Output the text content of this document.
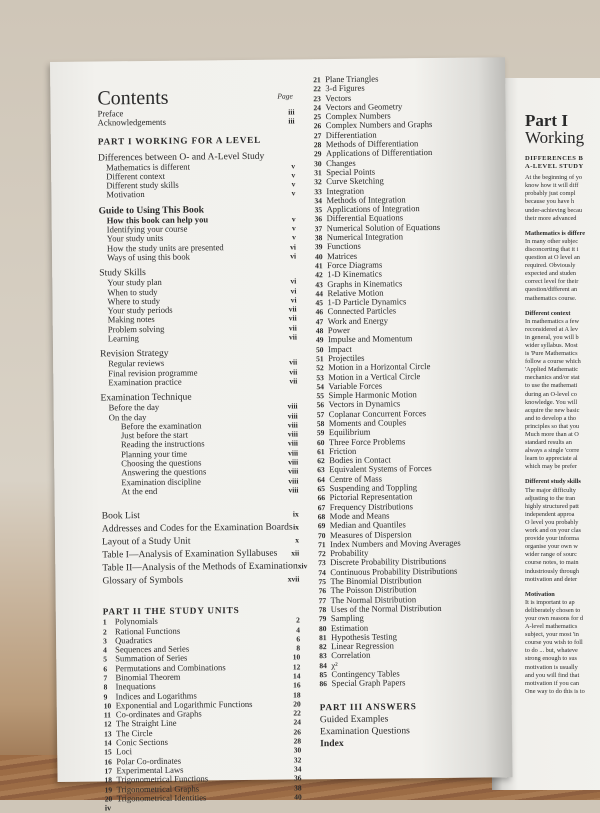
Part I
Working
DIFFERENCES B
A-LEVEL STUDY
At the beginning of yo
know how it will diff
probably just compl
because you have h
under-achieving becau
their more advanced
Mathematics is differe
In many other subjec
disconcerting that it i
question at O level an
required. Obviously
expected and studen
correct level for their
question/different an
mathematics course.
Different context
In mathematics a few
reconsidered at A lev
in general, you will b
wider syllabus. Most
is 'Pure Mathematics
follow a course which
'Applied Mathematic
mechanics and/or stat
to use the mathemati
during an O-level co
knowledge. You will
acquire the new basic
and to develop a tho
principles so that you
Much more than at O
standard results an
always a single 'corre
learn to appreciate al
which may be prefer
Different study skills
The major difficulty
adjusting to the tran
highly structured patt
independent approa
O level you probably
work and on your clas
provide your informa
organise your own w
wider range of sourc
course notes, to main
industriously through
motivation and deter
Motivation
It is important to ap
deliberately chosen to
your own reasons for d
A-level mathematics
subject, your most 'in
course you wish to foll
to do ... but, whateve
strong enough to sus
motivation is usually
and you will find that
motivation if you can
One way to do this is to
Contents	Page
Preface	iii
Acknowledgements	iii
PART I WORKING FOR A LEVEL
Differences between O- and A-Level Study
Mathematics is different	v
Different context	v
Different study skills	v
Motivation	v
Guide to Using This Book
How this book can help you	v
Identifying your course	v
Your study units	v
How the study units are presented	vi
Ways of using this book	vi
Study Skills
Your study plan	vi
When to study	vi
Where to study	vi
Your study periods	vii
Making notes	vii
Problem solving	vii
Learning	vii
Revision Strategy
Regular reviews	vii
Final revision programme	vii
Examination practice	vii
Examination Technique
Before the day	viii
On the day	viii
Before the examination	viii
Just before the start	viii
Reading the instructions	viii
Planning your time	viii
Choosing the questions	viii
Answering the questions	viii
Examination discipline	viii
At the end	viii
Book List	ix
Addresses and Codes for the Examination Boards ix
Layout of a Study Unit	x
Table I—Analysis of Examination Syllabuses xii
Table II—Analysis of the Methods of Examination xiv
Glossary of Symbols	xvii
PART II THE STUDY UNITS
1 Polynomials	2
2 Rational Functions	4
3 Quadratics	6
4 Sequences and Series	8
5 Summation of Series	10
6 Permutations and Combinations	12
7 Binomial Theorem	14
8 Inequations	16
9 Indices and Logarithms	18
10 Exponential and Logarithmic Functions	20
11 Co-ordinates and Graphs	22
12 The Straight Line	24
13 The Circle	26
14 Conic Sections	28
15 Loci	30
16 Polar Co-ordinates	32
17 Experimental Laws	34
18 Trigonometrical Functions	36
19 Trigonometrical Graphs	38
20 Trigonometrical Identities	40
iv
21 Plane Triangles
22 3-d Figures
23 Vectors
24 Vectors and Geometry
25 Complex Numbers
26 Complex Numbers and Graphs
27 Differentiation
28 Methods of Differentiation
29 Applications of Differentiation
30 Changes
31 Special Points
32 Curve Sketching
33 Integration
34 Methods of Integration
35 Applications of Integration
36 Differential Equations
37 Numerical Solution of Equations
38 Numerical Integration
39 Functions
40 Matrices
41 Force Diagrams
42 1-D Kinematics
43 Graphs in Kinematics
44 Relative Motion
45 1-D Particle Dynamics
46 Connected Particles
47 Work and Energy
48 Power
49 Impulse and Momentum
50 Impact
51 Projectiles
52 Motion in a Horizontal Circle
53 Motion in a Vertical Circle
54 Variable Forces
55 Simple Harmonic Motion
56 Vectors in Dynamics
57 Coplanar Concurrent Forces
58 Moments and Couples
59 Equilibrium
60 Three Force Problems
61 Friction
62 Bodies in Contact
63 Equivalent Systems of Forces
64 Centre of Mass
65 Suspending and Toppling
66 Pictorial Representation
67 Frequency Distributions
68 Mode and Means
69 Median and Quantiles
70 Measures of Dispersion
71 Index Numbers and Moving Averages
72 Probability
73 Discrete Probability Distributions
74 Continuous Probability Distributions
75 The Binomial Distribution
76 The Poisson Distribution
77 The Normal Distribution
78 Uses of the Normal Distribution
79 Sampling
80 Estimation
81 Hypothesis Testing
82 Linear Regression
83 Correlation
84 χ²
85 Contingency Tables
86 Special Graph Papers
PART III ANSWERS
Guided Examples
Examination Questions
Index
